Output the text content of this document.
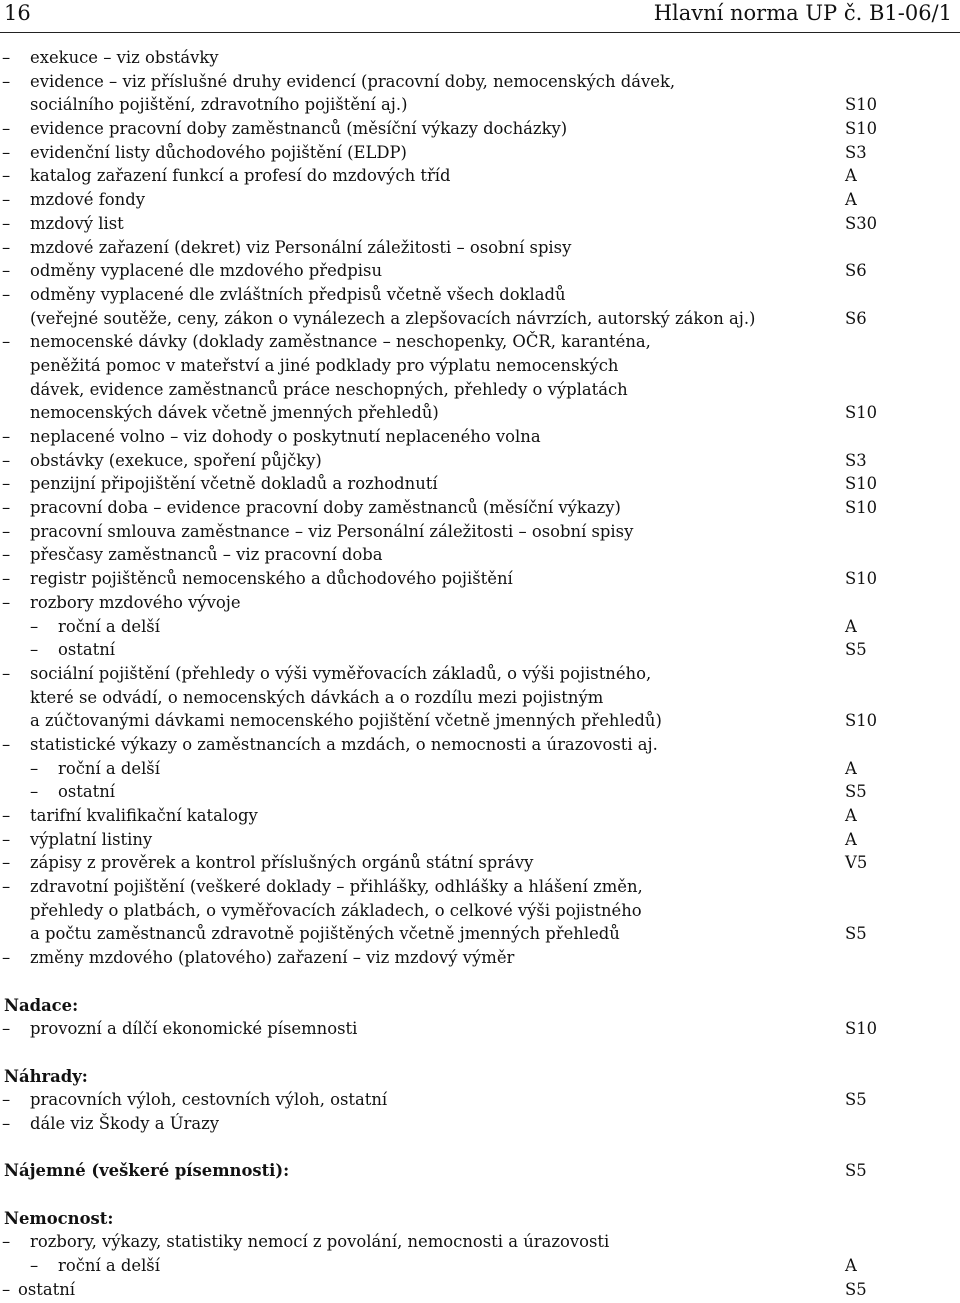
16	Hlavní norma UP č. B1-06/1
– exekuce – viz obstávky
– evidence – viz příslušné druhy evidencí (pracovní doby, nemocenských dávek,
sociálního pojištění, zdravotního pojištění aj.)	S10
– evidence pracovní doby zaměstnanců (měsíční výkazy docházky)	S10
– evidenční listy důchodového pojištění (ELDP)	S3
– katalog zařazení funkcí a profesí do mzdových tříd	A
– mzdové fondy	A
– mzdový list	S30
– mzdové zařazení (dekret) viz Personální záležitosti – osobní spisy
– odměny vyplacené dle mzdového předpisu	S6
– odměny vyplacené dle zvláštních předpisů včetně všech dokladů
(veřejné soutěže, ceny, zákon o vynálezech a zlepšovacích návrzích, autorský zákon aj.)	S6
– nemocenské dávky (doklady zaměstnance – neschopenky, OČR, karanténa,
peněžitá pomoc v mateřství a jiné podklady pro výplatu nemocenských
dávek, evidence zaměstnanců práce neschopných, přehledy o výplatách
nemocenských dávek včetně jmenných přehledů)	S10
– neplacené volno – viz dohody o poskytnutí neplaceného volna
– obstávky (exekuce, spoření půjčky)	S3
– penzijní připojištění včetně dokladů a rozhodnutí	S10
– pracovní doba – evidence pracovní doby zaměstnanců (měsíční výkazy)	S10
– pracovní smlouva zaměstnance – viz Personální záležitosti – osobní spisy
– přesčasy zaměstnanců – viz pracovní doba
– registr pojištěnců nemocenského a důchodového pojištění	S10
– rozbory mzdového vývoje
– roční a delší	A
– ostatní	S5
– sociální pojištění (přehledy o výši vyměřovacích základů, o výši pojistného,
které se odvádí, o nemocenských dávkách a o rozdílu mezi pojistným
a zúčtovanými dávkami nemocenského pojištění včetně jmenných přehledů)	S10
– statistické výkazy o zaměstnancích a mzdách, o nemocnosti a úrazovosti aj.
– roční a delší	A
– ostatní	S5
– tarifní kvalifikační katalogy	A
– výplatní listiny	A
– zápisy z prověrek a kontrol příslušných orgánů státní správy	V5
– zdravotní pojištění (veškeré doklady – přihlášky, odhlášky a hlášení změn,
přehledy o platbách, o vyměřovacích základech, o celkové výši pojistného
a počtu zaměstnanců zdravotně pojištěných včetně jmenných přehledů	S5
– změny mzdového (platového) zařazení – viz mzdový výměr
Nadace:
– provozní a dílčí ekonomické písemnosti	S10
Náhrady:
– pracovních výloh, cestovních výloh, ostatní	S5
– dále viz Škody a Úrazy
Nájemné (veškeré písemnosti):	S5
Nemocnost:
– rozbory, výkazy, statistiky nemocí z povolání, nemocnosti a úrazovosti
– roční a delší	A
– ostatní	S5
